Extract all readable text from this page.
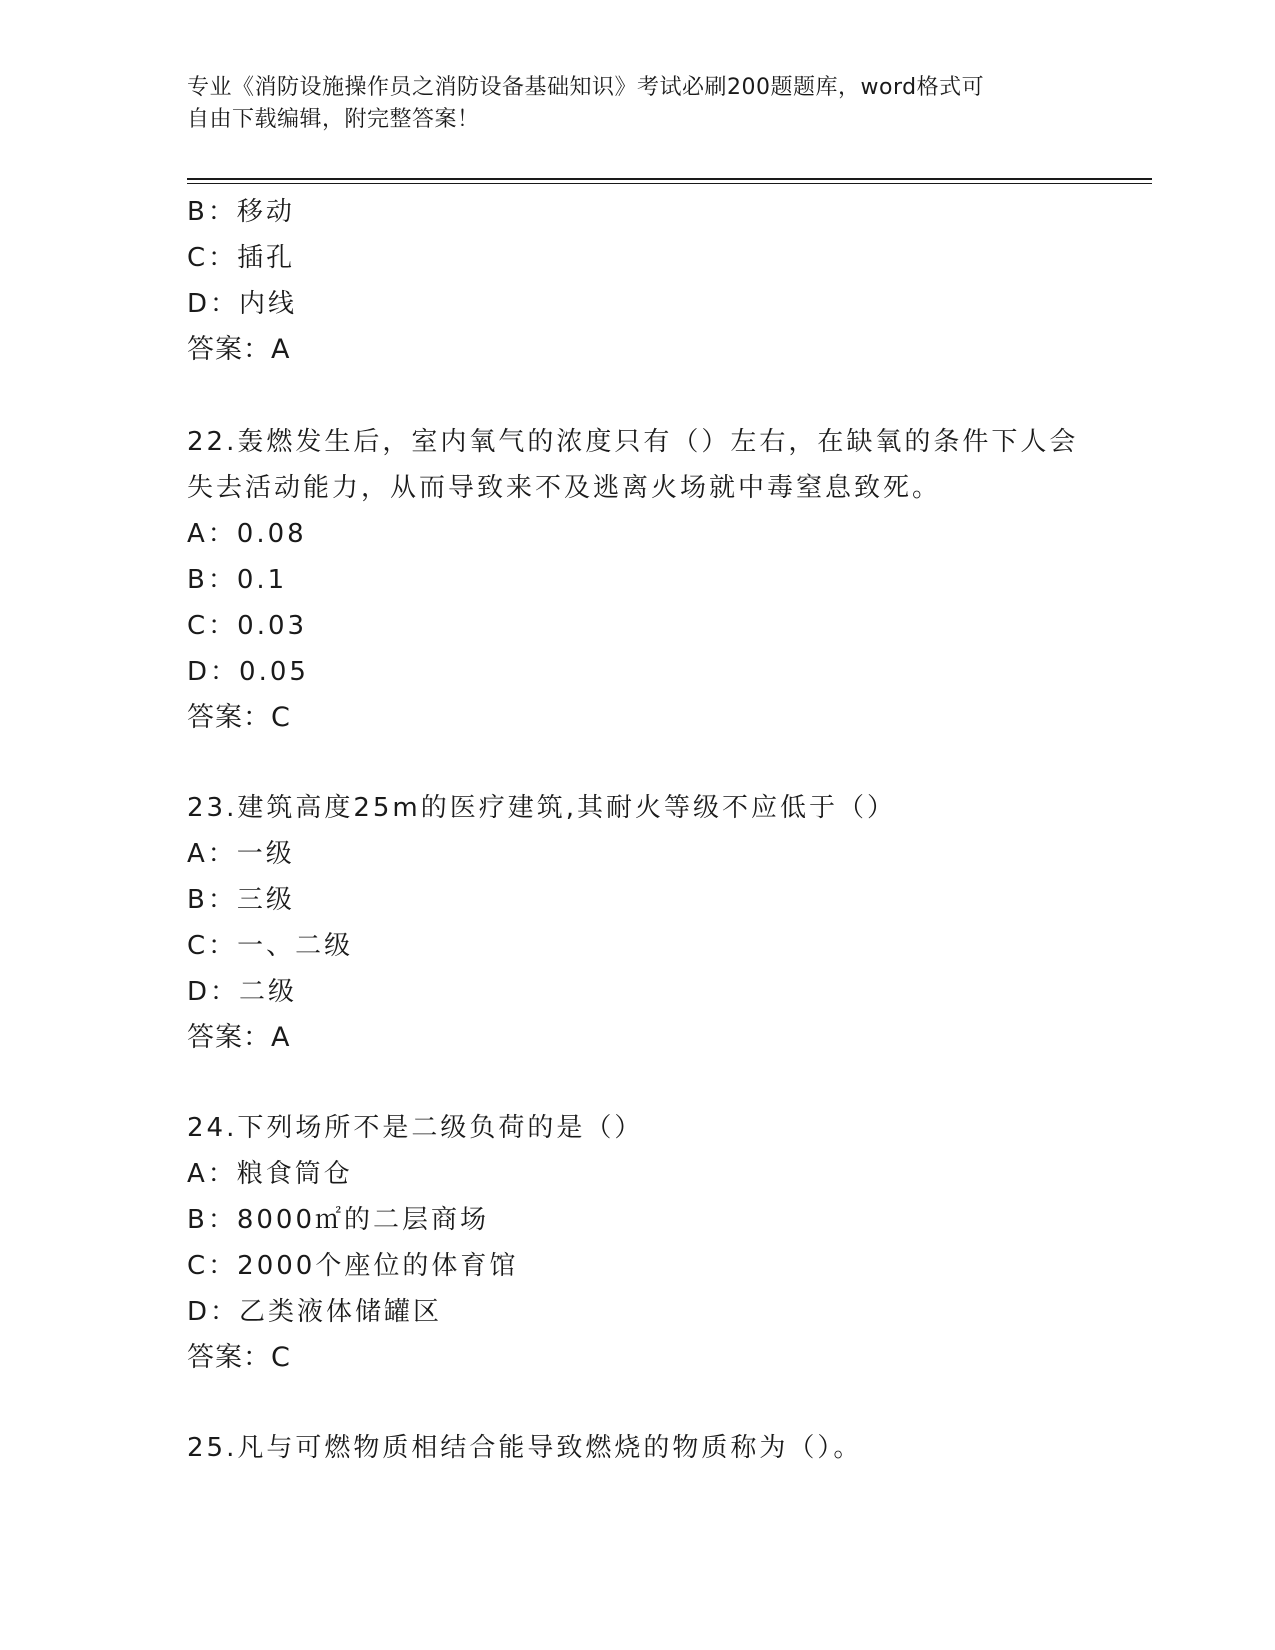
专业《消防设施操作员之消防设备基础知识》考试必刷200题题库，word格式可
自由下载编辑，附完整答案！
B：移动
C：插孔
D：内线
答案：A
22.轰燃发生后，室内氧气的浓度只有（）左右，在缺氧的条件下人会
失去活动能力，从而导致来不及逃离火场就中毒窒息致死。
A：0.08
B：0.1
C：0.03
D：0.05
答案：C
23.建筑高度25m的医疗建筑,其耐火等级不应低于（）
A：一级
B：三级
C：一、二级
D：二级
答案：A
24.下列场所不是二级负荷的是（）
A：粮食筒仓
B：8000㎡的二层商场
C：2000个座位的体育馆
D：乙类液体储罐区
答案：C
25.凡与可燃物质相结合能导致燃烧的物质称为（）。
